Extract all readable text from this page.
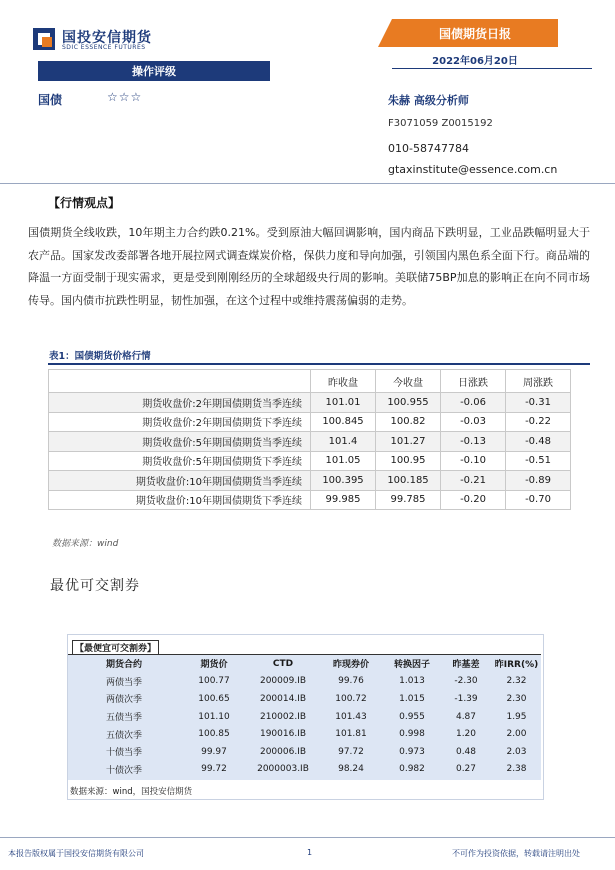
国投安信期货
SDIC ESSENCE FUTURES
国债期货日报
2022年06月20日
操作评级
国债	☆☆☆	朱赫 高级分析师
F3071059 Z0015192
010-58747784
gtaxinstitute@essence.com.cn
【行情观点】
国债期货全线收跌，10年期主力合约跌0.21%。受到原油大幅回调影响，国内商品下跌明显，工业品跌幅明显大于农产品。国家发改委部署各地开展拉网式调查煤炭价格，保供力度和导向加强，引领国内黑色系全面下行。商品端的降温一方面受制于现实需求，更是受到刚刚经历的全球超级央行周的影响。美联储75BP加息的影响正在向不同市场传导。国内债市抗跌性明显，韧性加强，在这个过程中或维持震荡偏弱的走势。
表1：国债期货价格行情
	昨收盘	今收盘	日涨跌	周涨跌
期货收盘价:2年期国债期货当季连续	101.01	100.955	-0.06	-0.31
期货收盘价:2年期国债期货下季连续	100.845	100.82	-0.03	-0.22
期货收盘价:5年期国债期货当季连续	101.4	101.27	-0.13	-0.48
期货收盘价:5年期国债期货下季连续	101.05	100.95	-0.10	-0.51
期货收盘价:10年期国债期货当季连续	100.395	100.185	-0.21	-0.89
期货收盘价:10年期国债期货下季连续	99.985	99.785	-0.20	-0.70
数据来源：wind
最优可交割券
【最便宜可交割券】
期货合约	期货价	CTD	昨现券价	转换因子	昨基差	昨IRR(%)
两债当季	100.77	200009.IB	99.76	1.013	-2.30	2.32
两债次季	100.65	200014.IB	100.72	1.015	-1.39	2.30
五债当季	101.10	210002.IB	101.43	0.955	4.87	1.95
五债次季	100.85	190016.IB	101.81	0.998	1.20	2.00
十债当季	99.97	200006.IB	97.72	0.973	0.48	2.03
十债次季	99.72	2000003.IB	98.24	0.982	0.27	2.38
数据来源：wind，国投安信期货
本报告版权属于国投安信期货有限公司	1	不可作为投资依据，转载请注明出处
